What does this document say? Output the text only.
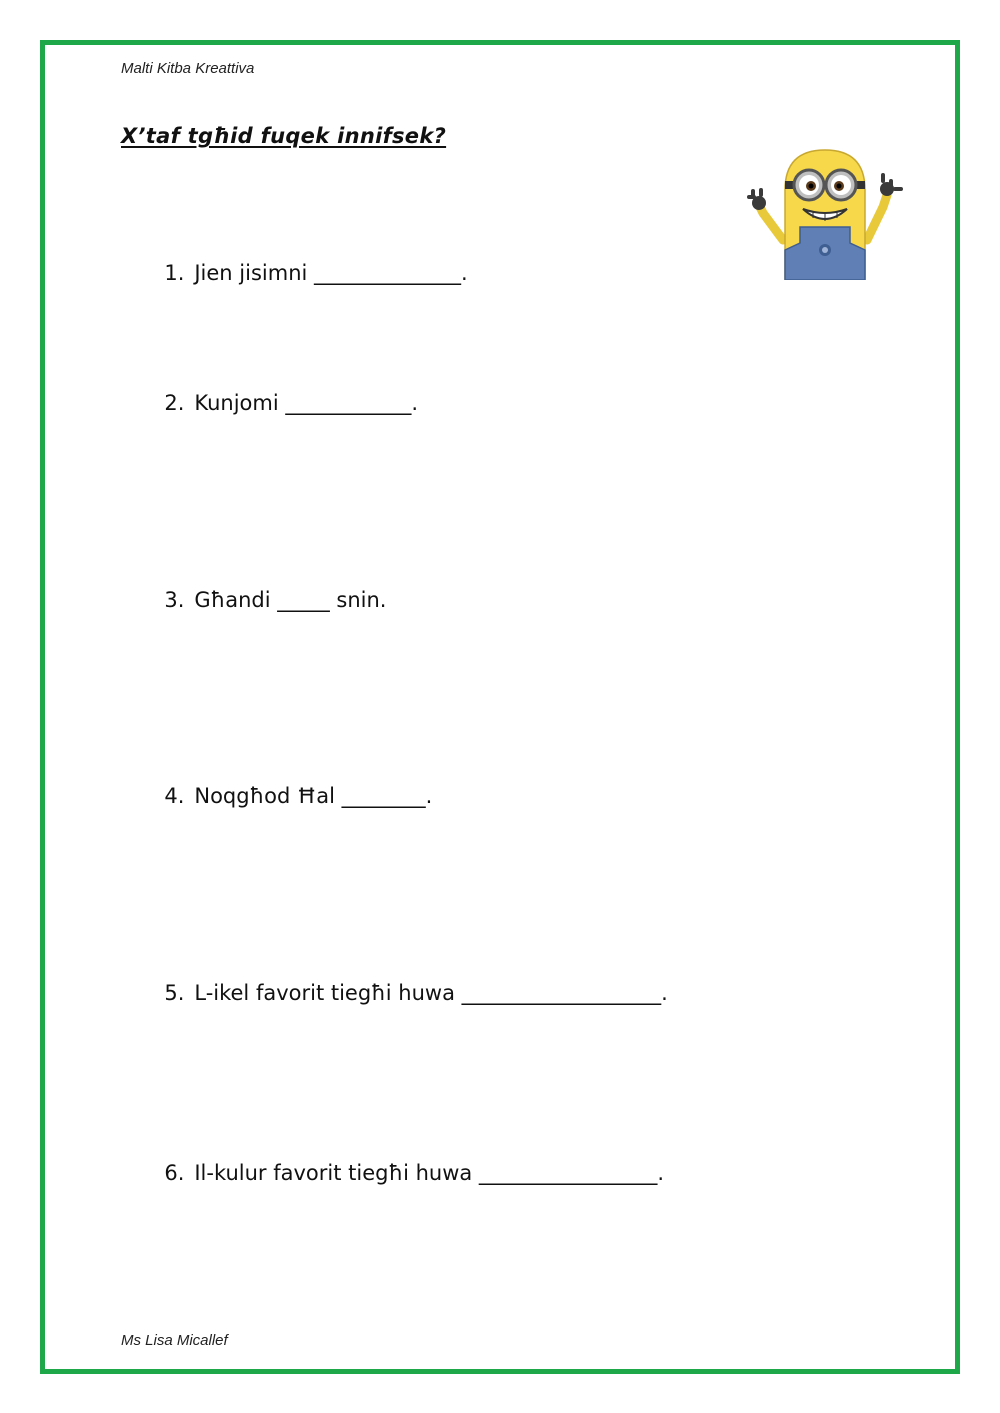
Malti Kitba Kreattiva
X’taf tgħid fuqek innifsek?

1. Jien jisimni ______________.

2. Kunjomi ____________.

3. Għandi _____ snin.

4. Noqgħod Ħal ________.

5. L-ikel favorit tiegħi huwa ___________________.

6. Il-kulur favorit tiegħi huwa _________________.

Ms Lisa Micallef
